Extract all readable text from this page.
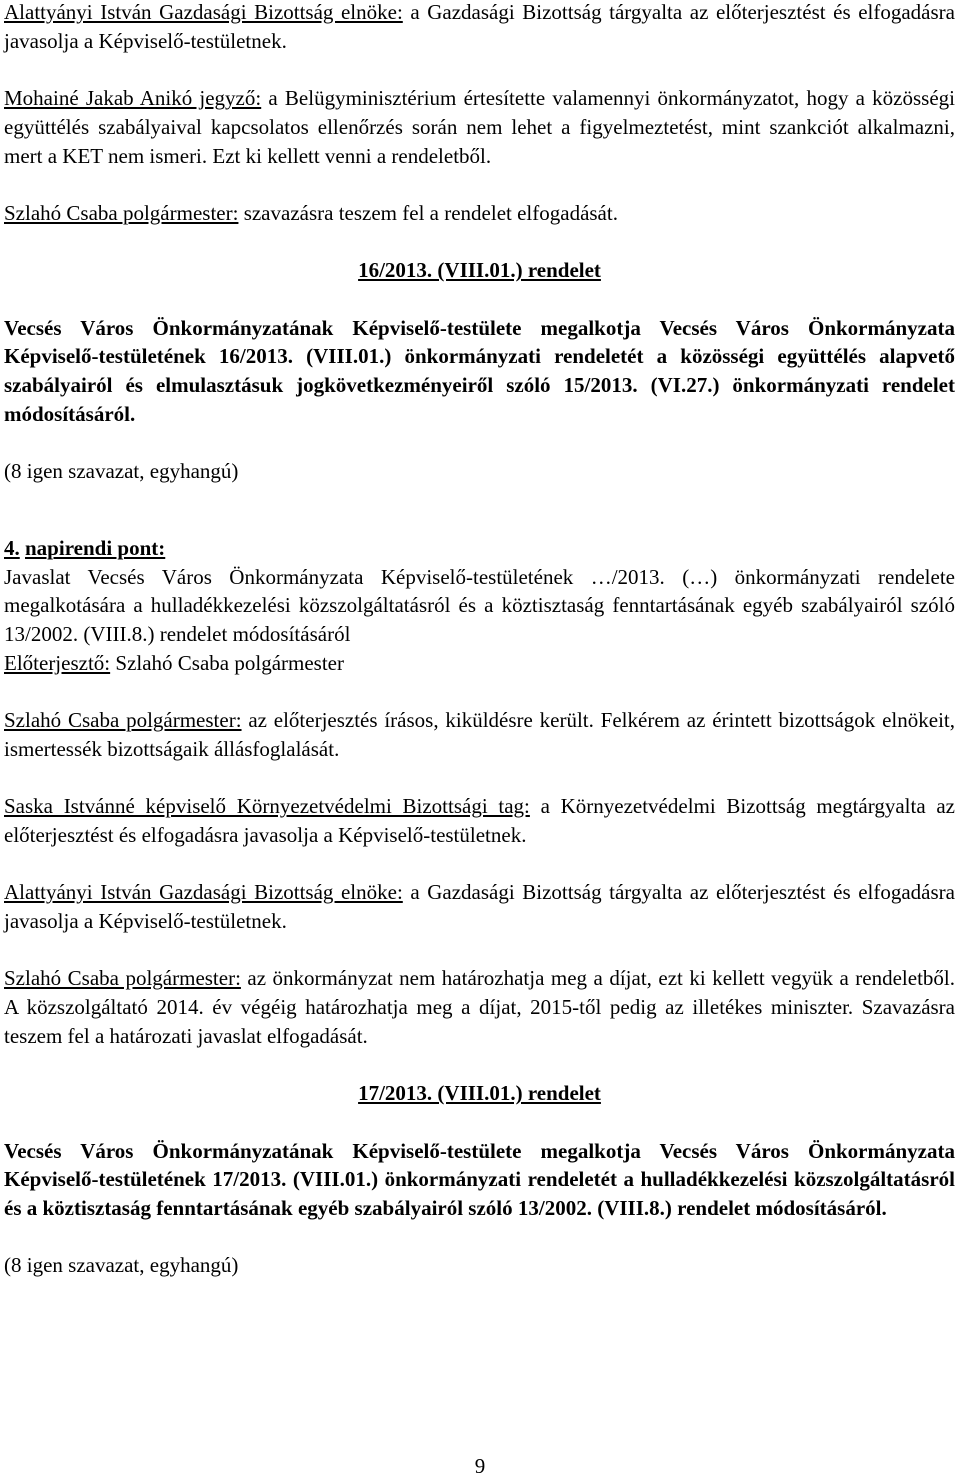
Alattyányi István Gazdasági Bizottság elnöke: a Gazdasági Bizottság tárgyalta az előterjesztést és elfogadásra javasolja a Képviselő-testületnek.

Mohainé Jakab Anikó jegyző: a Belügyminisztérium értesítette valamennyi önkormányzatot, hogy a közösségi együttélés szabályaival kapcsolatos ellenőrzés során nem lehet a figyelmeztetést, mint szankciót alkalmazni, mert a KET nem ismeri. Ezt ki kellett venni a rendeletből.

Szlahó Csaba polgármester: szavazásra teszem fel a rendelet elfogadását.

16/2013. (VIII.01.) rendelet

Vecsés Város Önkormányzatának Képviselő-testülete megalkotja Vecsés Város Önkormányzata Képviselő-testületének 16/2013. (VIII.01.) önkormányzati rendeletét a közösségi együttélés alapvető szabályairól és elmulasztásuk jogkövetkezményeiről szóló 15/2013. (VI.27.) önkormányzati rendelet módosításáról.

(8 igen szavazat, egyhangú)

4. napirendi pont:

Javaslat Vecsés Város Önkormányzata Képviselő-testületének …/2013. (…) önkormányzati rendelete megalkotására a hulladékkezelési közszolgáltatásról és a köztisztaság fenntartásának egyéb szabályairól szóló 13/2002. (VIII.8.) rendelet módosításáról

Előterjesztő: Szlahó Csaba polgármester

Szlahó Csaba polgármester: az előterjesztés írásos, kiküldésre került. Felkérem az érintett bizottságok elnökeit, ismertessék bizottságaik állásfoglalását.

Saska Istvánné képviselő Környezetvédelmi Bizottsági tag: a Környezetvédelmi Bizottság megtárgyalta az előterjesztést és elfogadásra javasolja a Képviselő-testületnek.

Alattyányi István Gazdasági Bizottság elnöke: a Gazdasági Bizottság tárgyalta az előterjesztést és elfogadásra javasolja a Képviselő-testületnek.

Szlahó Csaba polgármester: az önkormányzat nem határozhatja meg a díjat, ezt ki kellett vegyük a rendeletből. A közszolgáltató 2014. év végéig határozhatja meg a díjat, 2015-től pedig az illetékes miniszter. Szavazásra teszem fel a határozati javaslat elfogadását.

17/2013. (VIII.01.) rendelet

Vecsés Város Önkormányzatának Képviselő-testülete megalkotja Vecsés Város Önkormányzata Képviselő-testületének 17/2013. (VIII.01.) önkormányzati rendeletét a hulladékkezelési közszolgáltatásról és a köztisztaság fenntartásának egyéb szabályairól szóló 13/2002. (VIII.8.) rendelet módosításáról.

(8 igen szavazat, egyhangú)

9
